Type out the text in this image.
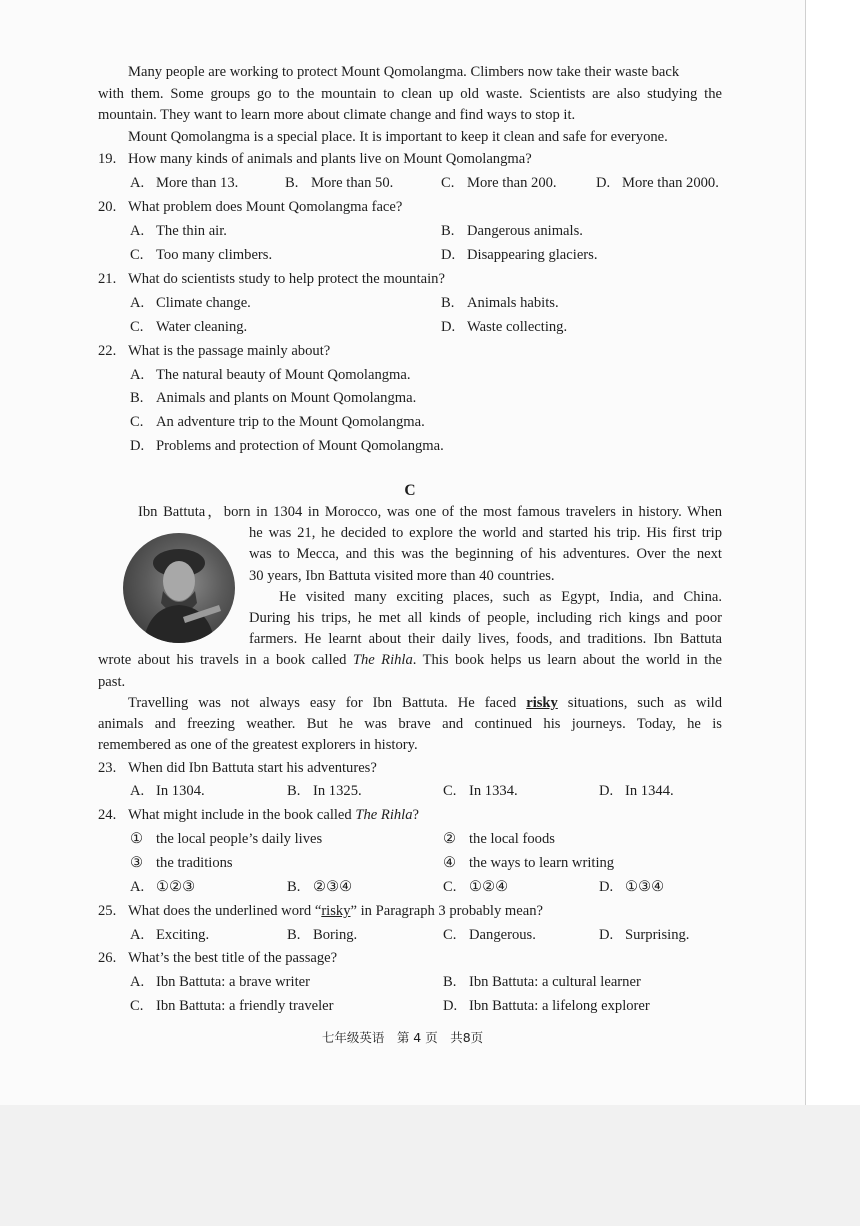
Many people are working to protect Mount Qomolangma. Climbers now take their waste back
with them. Some groups go to the mountain to clean up old waste. Scientists are also studying the
mountain. They want to learn more about climate change and find ways to stop it.
Mount Qomolangma is a special place. It is important to keep it clean and safe for everyone.
19. How many kinds of animals and plants live on Mount Qomolangma?
A. More than 13.	B. More than 50.	C. More than 200.	D. More than 2000.
20. What problem does Mount Qomolangma face?
A. The thin air.	B. Dangerous animals.
C. Too many climbers.	D. Disappearing glaciers.
21. What do scientists study to help protect the mountain?
A. Climate change.	B. Animals habits.
C. Water cleaning.	D. Waste collecting.
22. What is the passage mainly about?
A. The natural beauty of Mount Qomolangma.
B. Animals and plants on Mount Qomolangma.
C. An adventure trip to the Mount Qomolangma.
D. Problems and protection of Mount Qomolangma.
C
Ibn Battuta，born in 1304 in Morocco, was one of the most famous travelers in history. When
he was 21, he decided to explore the world and started his trip. His first trip
was to Mecca, and this was the beginning of his adventures. Over the next
30 years, Ibn Battuta visited more than 40 countries.
He visited many exciting places, such as Egypt, India, and China.
During his trips, he met all kinds of people, including rich kings and poor
farmers. He learnt about their daily lives, foods, and traditions. Ibn Battuta
wrote about his travels in a book called The Rihla. This book helps us learn about the world in the
past.
Travelling was not always easy for Ibn Battuta. He faced risky situations, such as wild
animals and freezing weather. But he was brave and continued his journeys. Today, he is
remembered as one of the greatest explorers in history.
23. When did Ibn Battuta start his adventures?
A. In 1304.	B. In 1325.	C. In 1334.	D. In 1344.
24. What might include in the book called The Rihla?
① the local people’s daily lives	② the local foods
③ the traditions	④ the ways to learn writing
A. ①②③	B. ②③④	C. ①②④	D. ①③④
25. What does the underlined word “risky” in Paragraph 3 probably mean?
A. Exciting.	B. Boring.	C. Dangerous.	D. Surprising.
26. What’s the best title of the passage?
A. Ibn Battuta: a brave writer	B. Ibn Battuta: a cultural learner
C. Ibn Battuta: a friendly traveler	D. Ibn Battuta: a lifelong explorer
七年级英语　第 4 页　共8页
